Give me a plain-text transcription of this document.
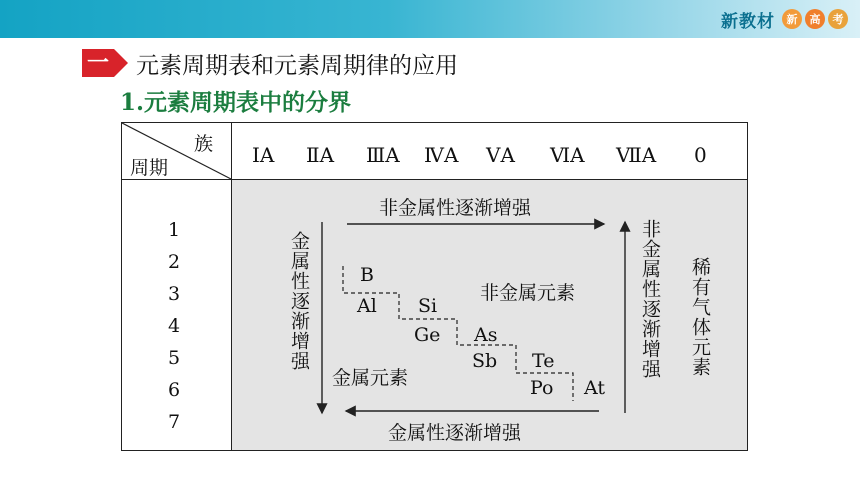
新教材	新	高	考
一 元素周期表和元素周期律的应用
1.元素周期表中的分界
族
周期
ⅠA ⅡA ⅢA ⅣA ⅤA ⅥA ⅦA 0
1
2
3
4
5
6
7
非金属性逐渐增强
金属性逐渐增强
金属性逐渐增强	非金属性逐渐增强 稀有气体元素
非金属元素
金属元素
B
Al Si
Ge As
Sb Te
Po At
